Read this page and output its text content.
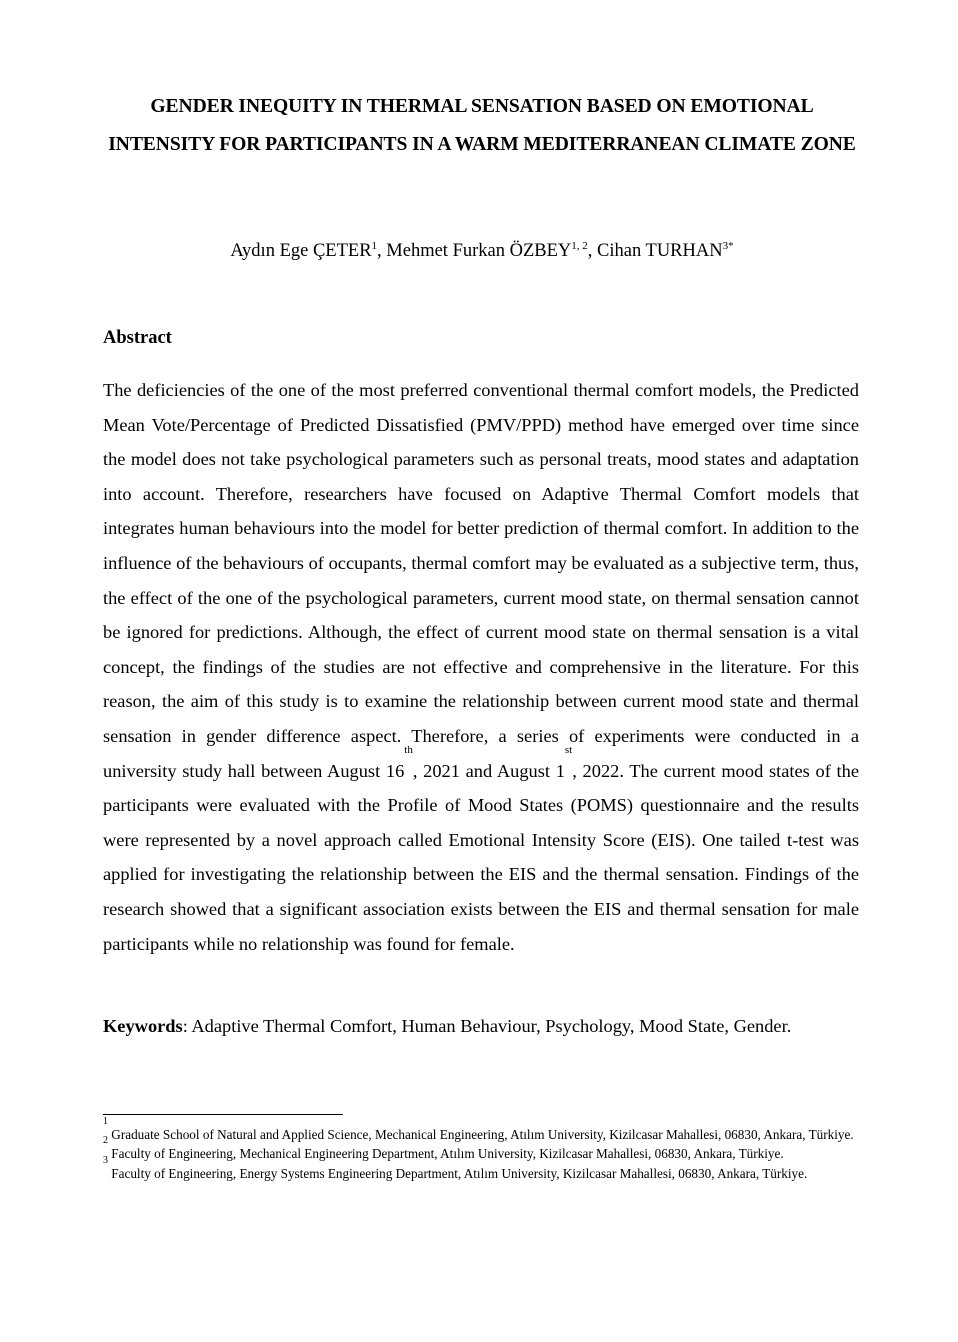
GENDER INEQUITY IN THERMAL SENSATION BASED ON EMOTIONAL INTENSITY FOR PARTICIPANTS IN A WARM MEDITERRANEAN CLIMATE ZONE
Aydın Ege ÇETER$^1$, Mehmet Furkan ÖZBEY$^{1, 2}$, Cihan $TURHAN^{3*}$
Abstract
The deficiencies of the one of the most preferred conventional thermal comfort models, the Predicted Mean Vote/Percentage of Predicted Dissatisfied (PMV/PPD) method have emerged over time since the model does not take psychological parameters such as personal treats, mood states and adaptation into account. Therefore, researchers have focused on Adaptive Thermal Comfort models that integrates human behaviours into the model for better prediction of thermal comfort. In addition to the influence of the behaviours of occupants, thermal comfort may be evaluated as a subjective term, thus, the effect of the one of the psychological parameters, current mood state, on thermal sensation cannot be ignored for predictions. Although, the effect of current mood state on thermal sensation is a vital concept, the findings of the studies are not effective and comprehensive in the literature. For this reason, the aim of this study is to examine the relationship between current mood state and thermal sensation in gender difference aspect. Therefore, a series of experiments were conducted in a university study hall between August 16th, 2021 and August 1st, 2022. The current mood states of the participants were evaluated with the Profile of Mood States (POMS) questionnaire and the results were represented by a novel approach called Emotional Intensity Score (EIS). One tailed t-test was applied for investigating the relationship between the EIS and the thermal sensation. Findings of the research showed that a significant association exists between the EIS and thermal sensation for male participants while no relationship was found for female.
Keywords: Adaptive Thermal Comfort, Human Behaviour, Psychology, Mood State, Gender.
$^1$ Graduate School of Natural and Applied Science, Mechanical Engineering, Atılım University, Kizilcasar Mahallesi, 06830, Ankara, Türkiye.
$^2$ Faculty of Engineering, Mechanical Engineering Department, Atılım University, Kizilcasar Mahallesi, 06830, Ankara, Türkiye.
$^3$ Faculty of Engineering, Energy Systems Engineering Department, Atılım University, Kizilcasar Mahallesi, 06830, Ankara, Türkiye.
